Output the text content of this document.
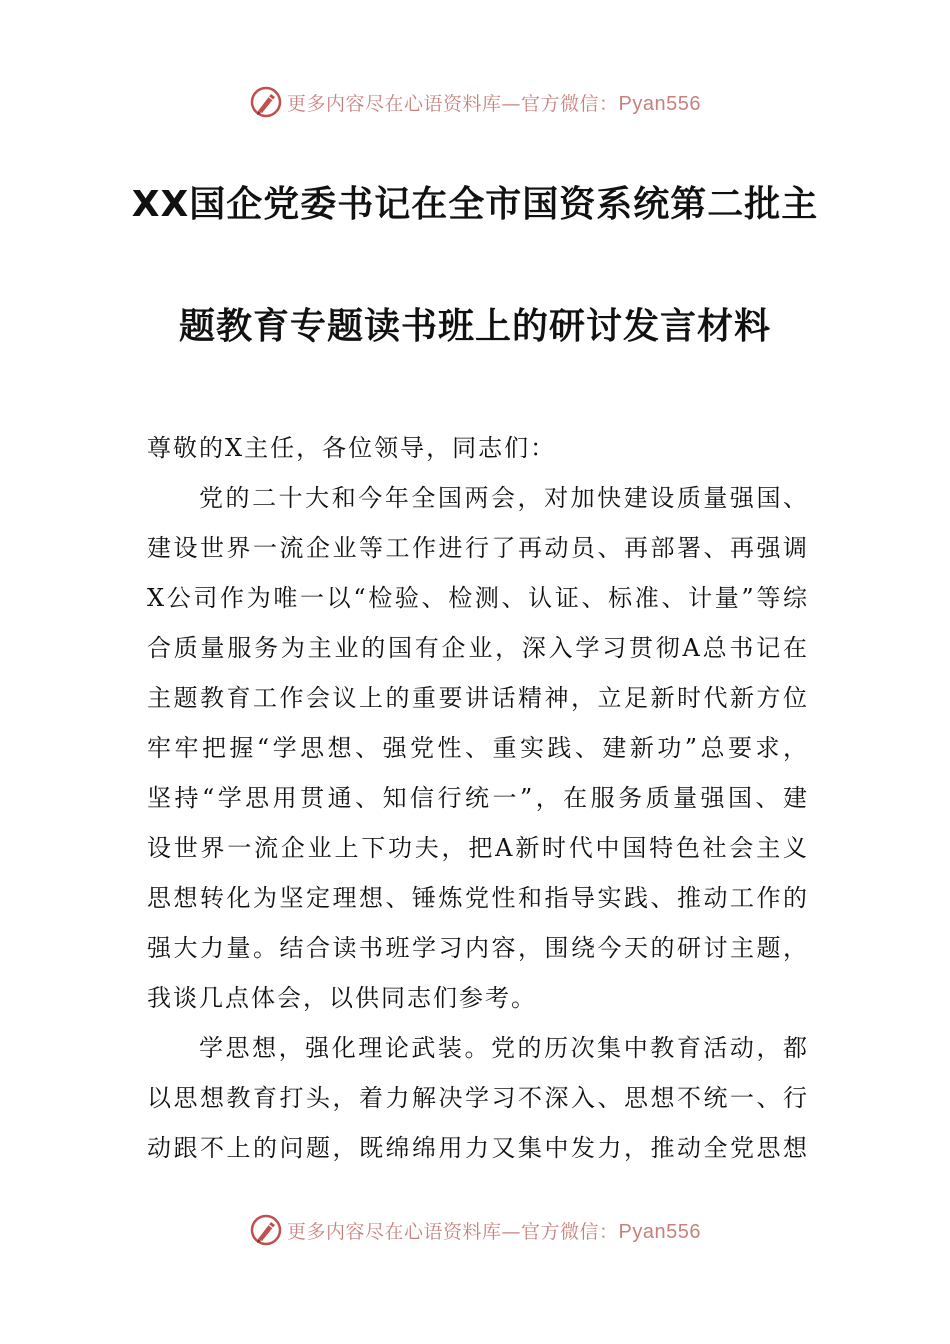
更多内容尽在心语资料库—官方微信：Pyan556
XX国企党委书记在全市国资系统第二批主
题教育专题读书班上的研讨发言材料
尊敬的X主任，各位领导，同志们：
党的二十大和今年全国两会，对加快建设质量强国、
建设世界一流企业等工作进行了再动员、再部署、再强调
X公司作为唯一以“检验、检测、认证、标准、计量”等综
合质量服务为主业的国有企业，深入学习贯彻A总书记在
主题教育工作会议上的重要讲话精神，立足新时代新方位
牢牢把握“学思想、强党性、重实践、建新功”总要求，
坚持“学思用贯通、知信行统一”，在服务质量强国、建
设世界一流企业上下功夫，把A新时代中国特色社会主义
思想转化为坚定理想、锤炼党性和指导实践、推动工作的
强大力量。结合读书班学习内容，围绕今天的研讨主题，
我谈几点体会，以供同志们参考。
学思想，强化理论武装。党的历次集中教育活动，都
以思想教育打头，着力解决学习不深入、思想不统一、行
动跟不上的问题，既绵绵用力又集中发力，推动全党思想
更多内容尽在心语资料库—官方微信：Pyan556
